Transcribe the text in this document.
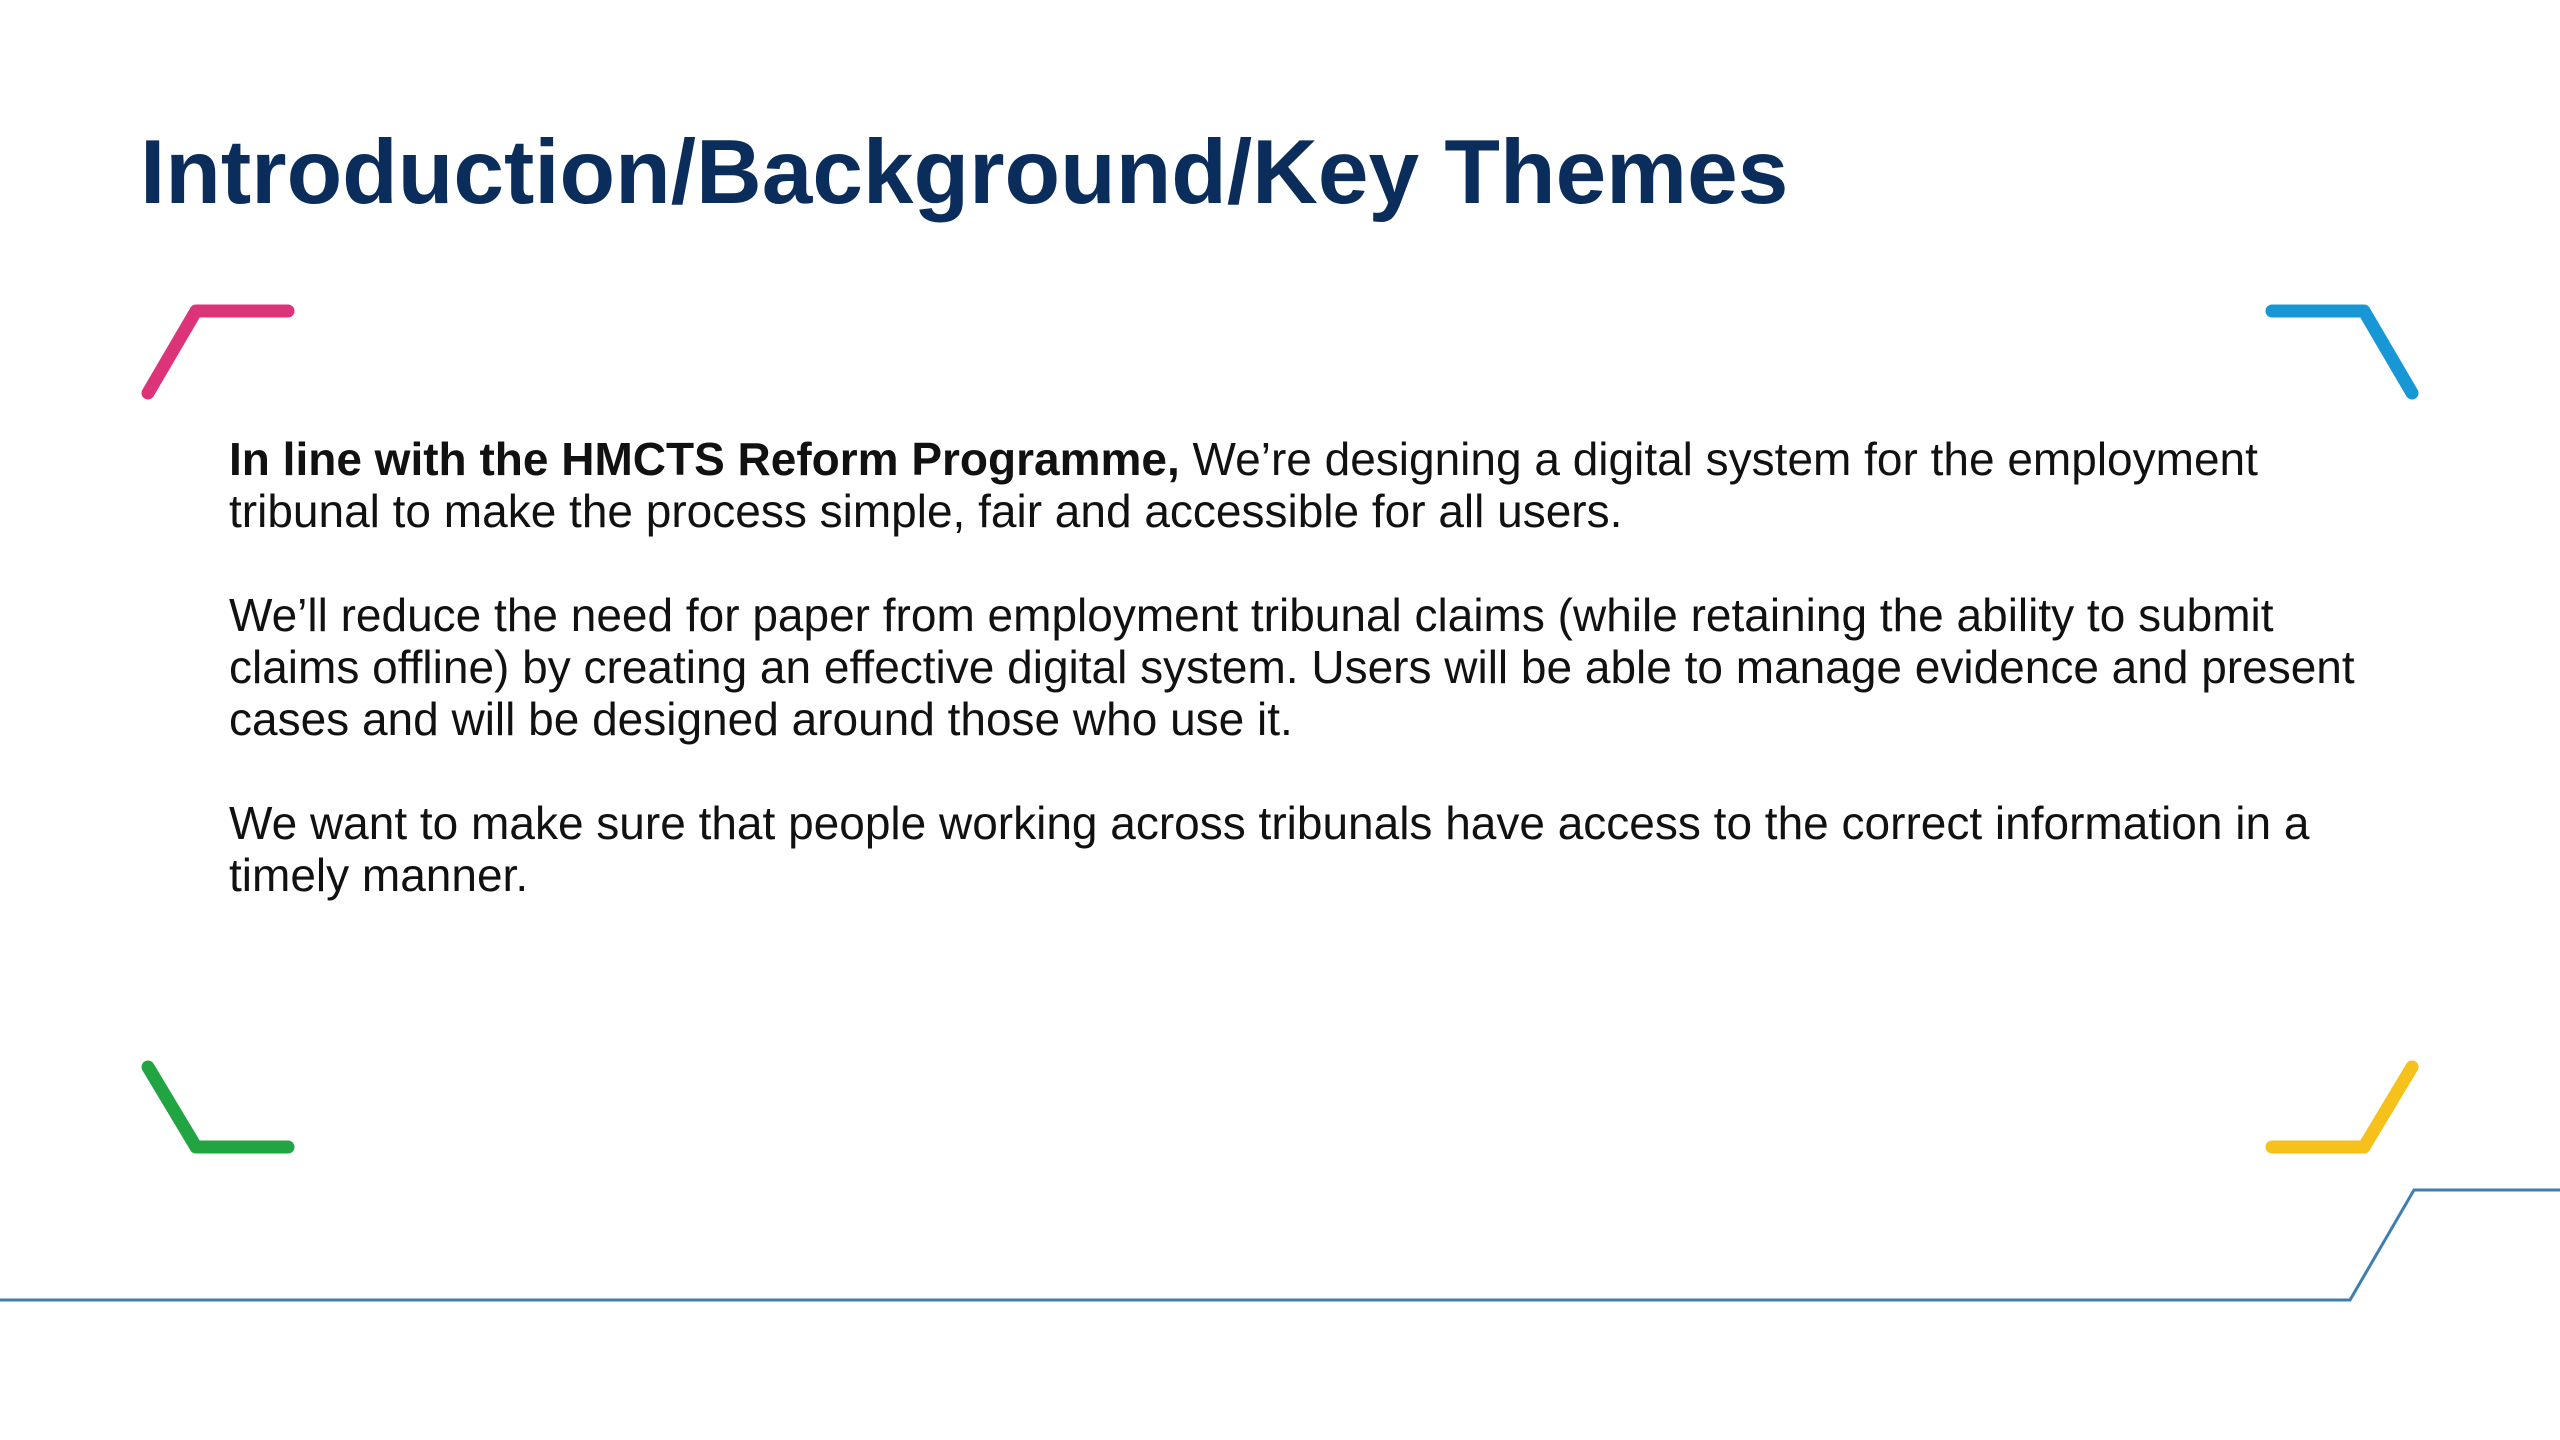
Introduction/Background/Key Themes

In line with the HMCTS Reform Programme, We’re designing a digital system for the employment tribunal to make the process simple, fair and accessible for all users.

We’ll reduce the need for paper from employment tribunal claims (while retaining the ability to submit claims offline) by creating an effective digital system. Users will be able to manage evidence and present cases and will be designed around those who use it.

We want to make sure that people working across tribunals have access to the correct information in a timely manner.
